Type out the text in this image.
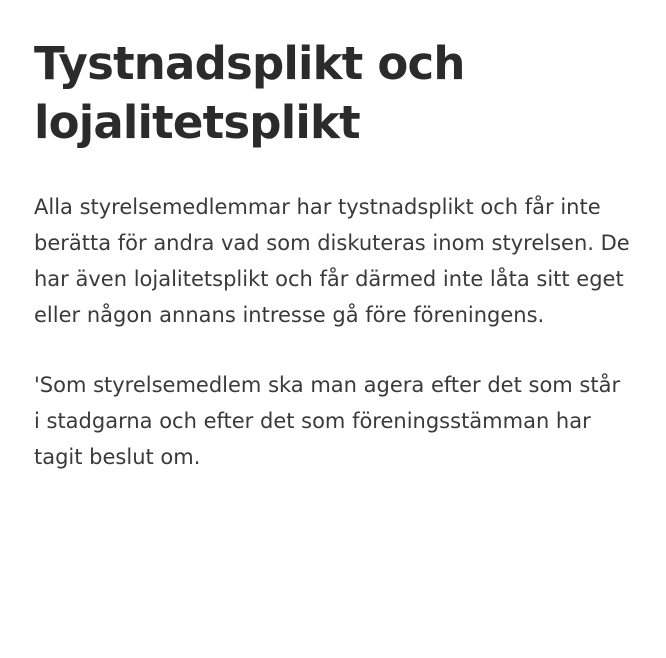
Tystnadsplikt och lojalitetsplikt

Alla styrelsemedlemmar har tystnadsplikt och får inte berätta för andra vad som diskuteras inom styrelsen. De har även lojalitetsplikt och får därmed inte låta sitt eget eller någon annans intresse gå före föreningens.

'Som styrelsemedlem ska man agera efter det som står i stadgarna och efter det som föreningsstämman har tagit beslut om.
